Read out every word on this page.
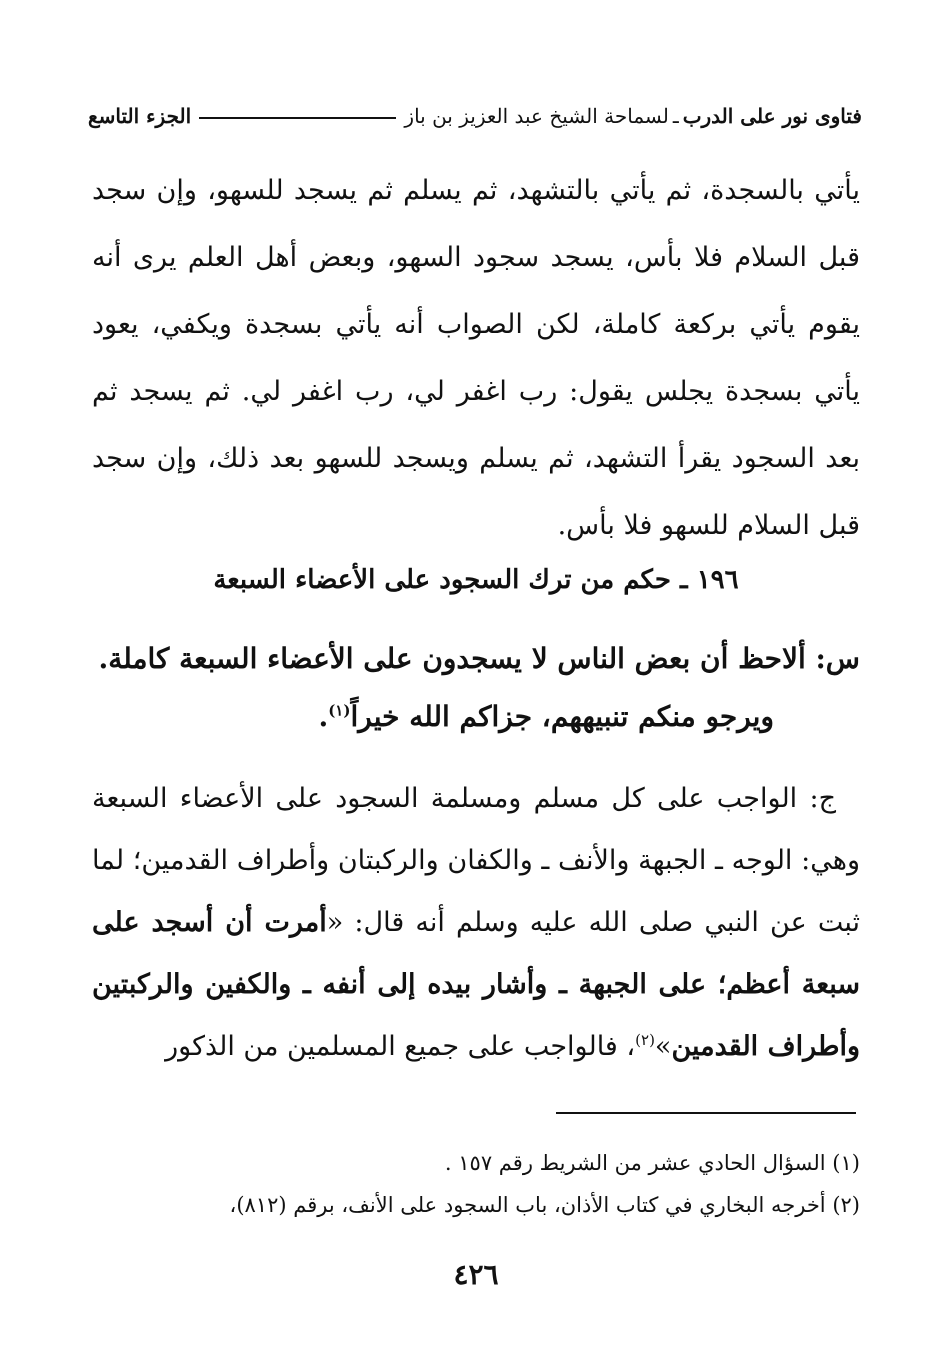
فتاوى نور على الدرب
ـ
لسماحة الشيخ عبد العزيز بن باز
الجزء التاسع

يأتي بالسجدة، ثم يأتي بالتشهد، ثم يسلم ثم يسجد للسهو، وإن سجد قبل السلام فلا بأس، يسجد سجود السهو، وبعض أهل العلم يرى أنه يقوم يأتي بركعة كاملة، لكن الصواب أنه يأتي بسجدة ويكفي، يعود يأتي بسجدة يجلس يقول: رب اغفر لي، رب اغفر لي. ثم يسجد ثم بعد السجود يقرأ التشهد، ثم يسلم ويسجد للسهو بعد ذلك، وإن سجد قبل السلام للسهو فلا بأس.

١٩٦ ـ حكم من ترك السجود على الأعضاء السبعة

س: ألاحظ أن بعض الناس لا يسجدون على الأعضاء السبعة كاملة.

ويرجو منكم تنبيههم، جزاكم الله خيراً$^{(١)}$.

ج: الواجب على كل مسلم ومسلمة السجود على الأعضاء السبعة وهي: الوجه ـ الجبهة والأنف ـ والكفان والركبتان وأطراف القدمين؛ لما ثبت عن النبي صلى الله عليه وسلم أنه قال: «أمرت أن أسجد على سبعة أعظم؛ على الجبهة ـ وأشار بيده إلى أنفه ـ والكفين والركبتين وأطراف القدمين»$^{(٢)}$، فالواجب على جميع المسلمين من الذكور

(١) السؤال الحادي عشر من الشريط رقم ١٥٧ .

(٢) أخرجه البخاري في كتاب الأذان، باب السجود على الأنف، برقم (٨١٢)،

٤٢٦
